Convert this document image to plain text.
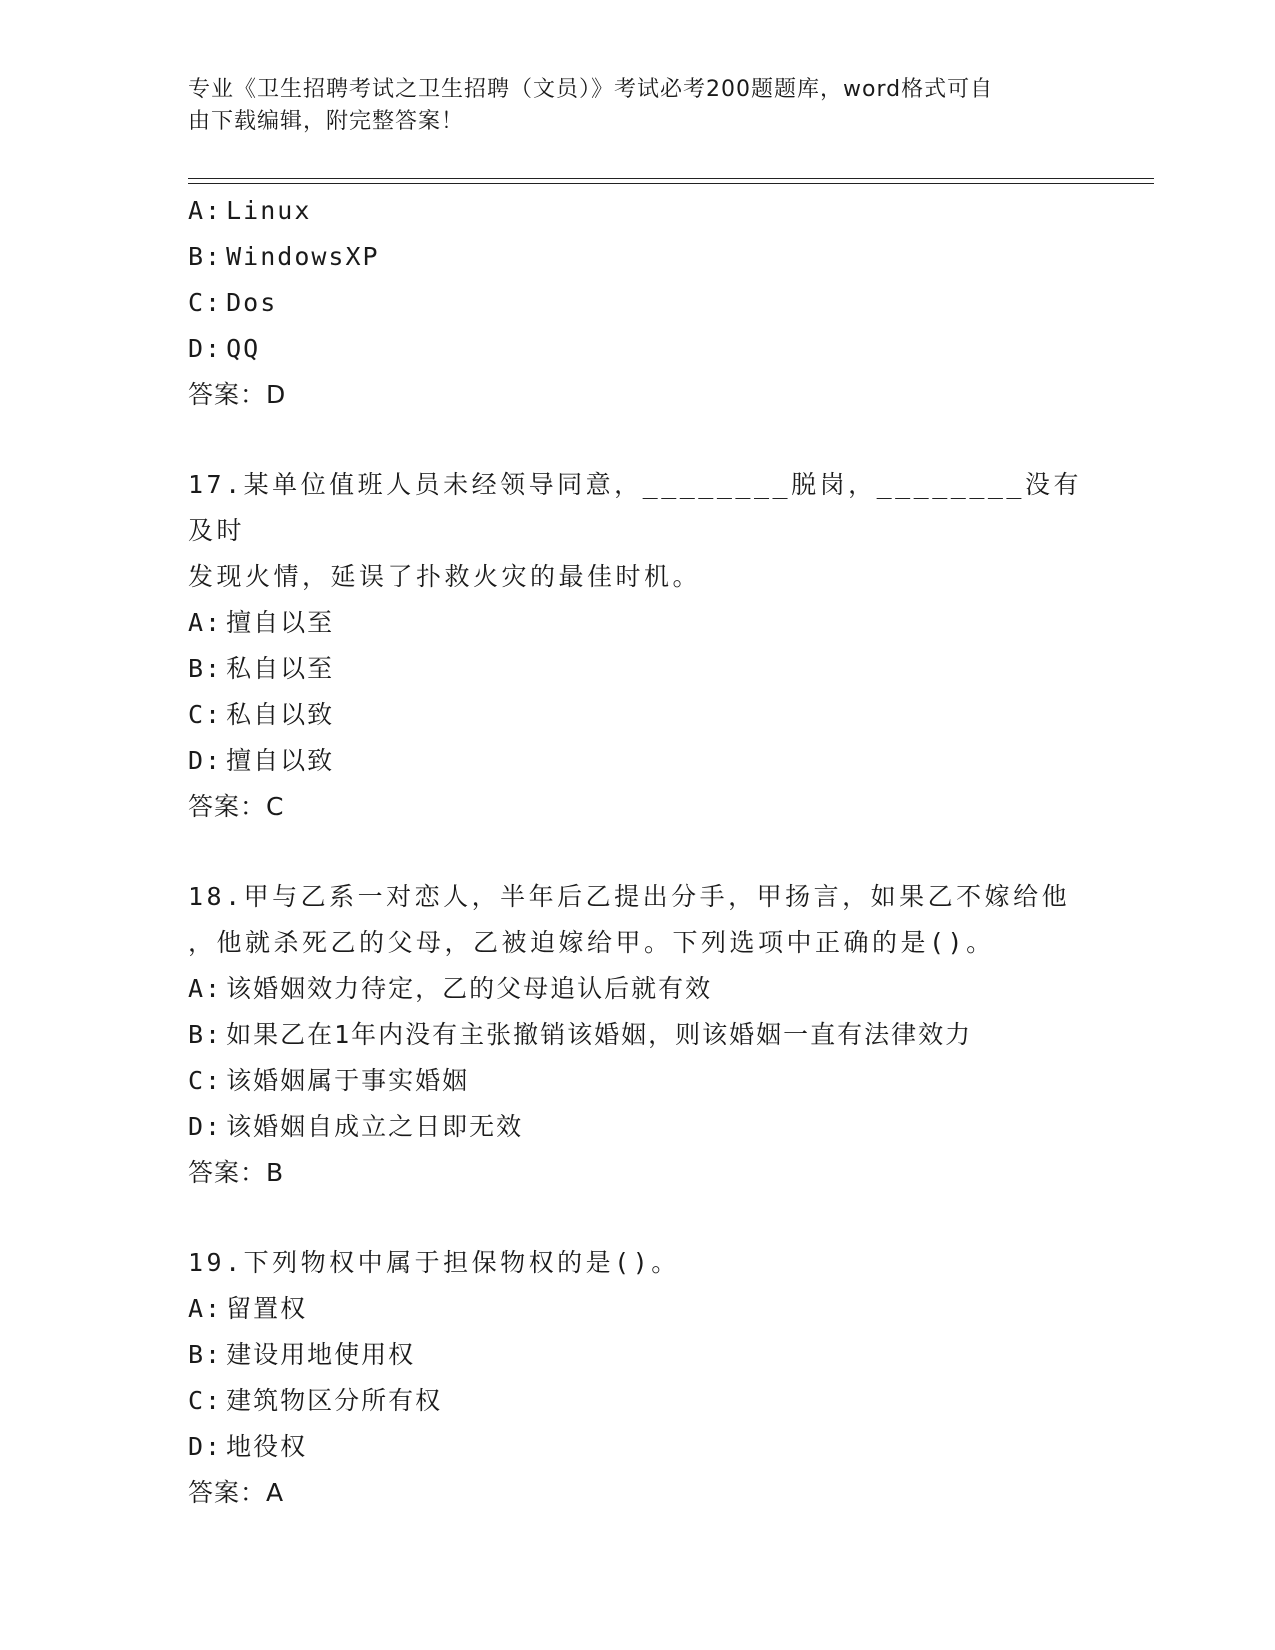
专业《卫生招聘考试之卫生招聘（文员）》考试必考200题题库，word格式可自
由下载编辑，附完整答案！
A: Linux
B: WindowsXP
C: Dos
D: QQ
答案：D
17.某单位值班人员未经领导同意，________脱岗，________没有及时
发现火情，延误了扑救火灾的最佳时机。
A: 擅自以至
B: 私自以至
C: 私自以致
D: 擅自以致
答案：C
18.甲与乙系一对恋人，半年后乙提出分手，甲扬言，如果乙不嫁给他
，他就杀死乙的父母，乙被迫嫁给甲。下列选项中正确的是()。
A: 该婚姻效力待定，乙的父母追认后就有效
B: 如果乙在1年内没有主张撤销该婚姻，则该婚姻一直有法律效力
C: 该婚姻属于事实婚姻
D: 该婚姻自成立之日即无效
答案：B
19.下列物权中属于担保物权的是()。
A: 留置权
B: 建设用地使用权
C: 建筑物区分所有权
D: 地役权
答案：A
